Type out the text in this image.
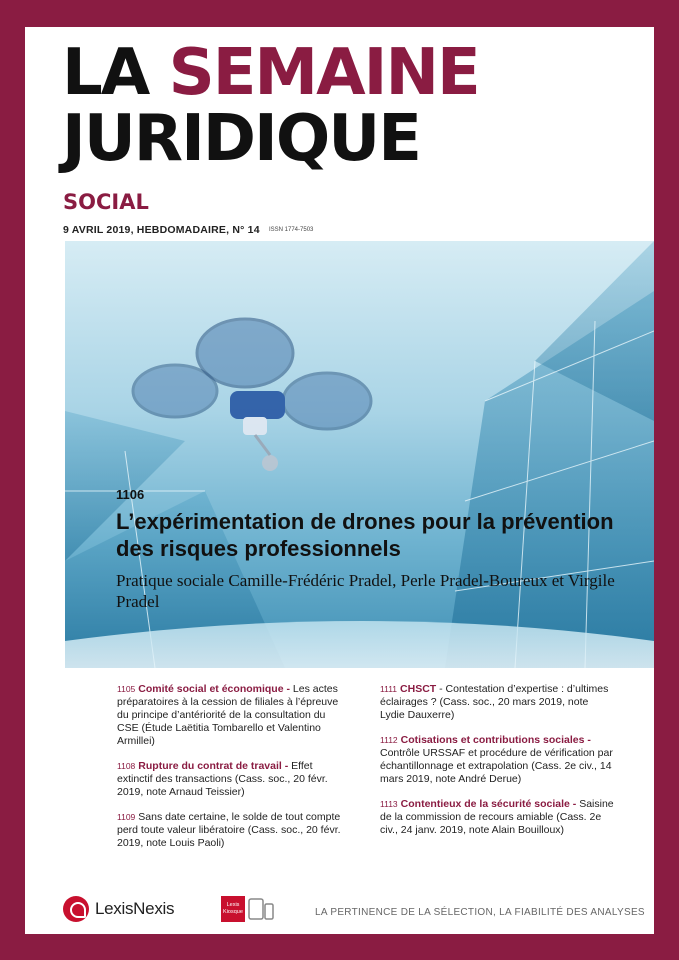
LA SEMAINE
JURIDIQUE
SOCIAL
9 AVRIL 2019, HEBDOMADAIRE, N° 14 ISSN 1774-7503
1106
L’expérimentation de drones pour la prévention des risques professionnels
Pratique sociale Camille-Frédéric Pradel, Perle Pradel-Boureux et Virgile Pradel
1105 Comité social et économique - Les actes préparatoires à la cession de filiales à l’épreuve du principe d’antériorité de la consultation du CSE (Étude Laëtitia Tombarello et Valentino Armillei)
1108 Rupture du contrat de travail - Effet extinctif des transactions (Cass. soc., 20 févr. 2019, note Arnaud Teissier)
1109 Sans date certaine, le solde de tout compte perd toute valeur libératoire (Cass. soc., 20 févr. 2019, note Louis Paoli)
1111 CHSCT - Contestation d’expertise : d’ultimes éclairages ? (Cass. soc., 20 mars 2019, note Lydie Dauxerre)
1112 Cotisations et contributions sociales - Contrôle URSSAF et procédure de vérification par échantillonnage et extrapolation (Cass. 2e civ., 14 mars 2019, note André Derue)
1113 Contentieux de la sécurité sociale - Saisine de la commission de recours amiable (Cass. 2e civ., 24 janv. 2019, note Alain Bouilloux)
LexisNexis	Lexis
Kiosque	LA PERTINENCE DE LA SÉLECTION, LA FIABILITÉ DES ANALYSES
